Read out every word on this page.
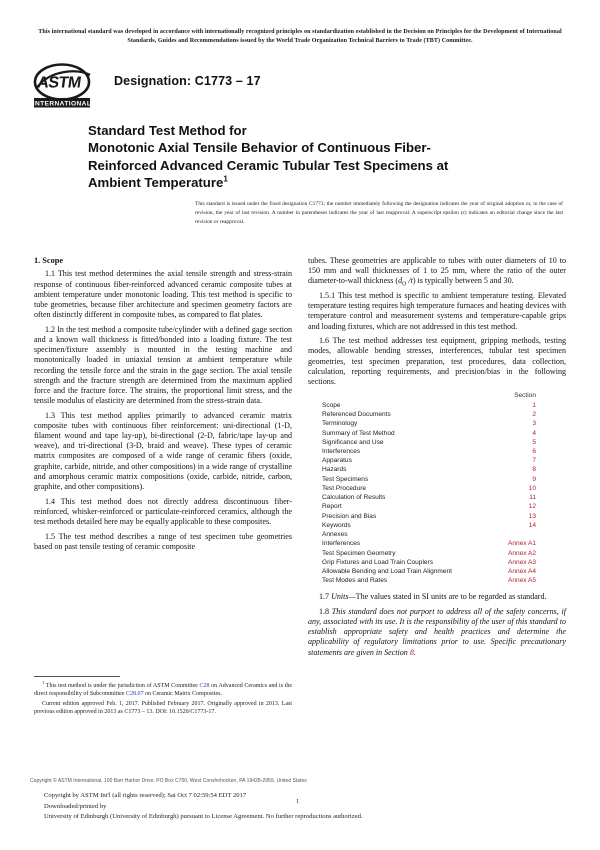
This international standard was developed in accordance with internationally recognized principles on standardization established in the Decision on Principles for the Development of International Standards, Guides and Recommendations issued by the World Trade Organization Technical Barriers to Trade (TBT) Committee.
ASTM
INTERNATIONAL
Designation: C1773 – 17
Standard Test Method for
Monotonic Axial Tensile Behavior of Continuous Fiber-
Reinforced Advanced Ceramic Tubular Test Specimens at
Ambient Temperature$^1$
This standard is issued under the fixed designation C1773; the number immediately following the designation indicates the year of original adoption or, in the case of revision, the year of last revision. A number in parentheses indicates the year of last reapproval. A superscript epsilon (ε) indicates an editorial change since the last revision or reapproval.
1. Scope

1.1 This test method determines the axial tensile strength and stress-strain response of continuous fiber-reinforced advanced ceramic composite tubes at ambient temperature under monotonic loading. This test method is specific to tube geometries, because fiber architecture and specimen geometry factors are often distinctly different in composite tubes, as compared to flat plates.

1.2 In the test method a composite tube/cylinder with a defined gage section and a known wall thickness is fitted/bonded into a loading fixture. The test specimen/fixture assembly is mounted in the testing machine and monotonically loaded in uniaxial tension at ambient temperature while recording the tensile force and the strain in the gage section. The axial tensile strength and the fracture strength are determined from the maximum applied force and the fracture force. The strains, the proportional limit stress, and the tensile modulus of elasticity are determined from the stress-strain data.

1.3 This test method applies primarily to advanced ceramic matrix composite tubes with continuous fiber reinforcement: uni-directional (1-D, filament wound and tape lay-up), bi-directional (2-D, fabric/tape lay-up and weave), and tri-directional (3-D, braid and weave). These types of ceramic matrix composites are composed of a wide range of ceramic fibers (oxide, graphite, carbide, nitride, and other compositions) in a wide range of crystalline and amorphous ceramic matrix compositions (oxide, carbide, nitride, carbon, graphite, and other compositions).

1.4 This test method does not directly address discontinuous fiber-reinforced, whisker-reinforced or particulate-reinforced ceramics, although the test methods detailed here may be equally applicable to these composites.

1.5 The test method describes a range of test specimen tube geometries based on past tensile testing of ceramic composite

tubes. These geometries are applicable to tubes with outer diameters of 10 to 150 mm and wall thicknesses of 1 to 25 mm, where the ratio of the outer diameter-to-wall thickness ($d_O$ /t) is typically between 5 and 30.

1.5.1 This test method is specific to ambient temperature testing. Elevated temperature testing requires high temperature furnaces and heating devices with temperature control and measurement systems and temperature-capable grips and loading fixtures, which are not addressed in this test method.

1.6 The test method addresses test equipment, gripping methods, testing modes, allowable bending stresses, interferences, tubular test specimen geometries, test specimen preparation, test procedures, data collection, calculation, reporting requirements, and precision/bias in the following sections.

	Section
Scope	1
Referenced Documents	2
Terminology	3
Summary of Test Method	4
Significance and Use	5
Interferences	6
Apparatus	7
Hazards	8
Test Specimens	9
Test Procedure	10
Calculation of Results	11
Report	12
Precision and Bias	13
Keywords	14
Annexes	
Interferences	Annex A1
Test Specimen Geometry	Annex A2
Grip Fixtures and Load Train Couplers	Annex A3
Allowable Bending and Load Train Alignment	Annex A4
Test Modes and Rates	Annex A5

1.7 Units—The values stated in SI units are to be regarded as standard.

1.8 This standard does not purport to address all of the safety concerns, if any, associated with its use. It is the responsibility of the user of this standard to establish appropriate safety and health practices and determine the applicability of regulatory limitations prior to use. Specific precautionary statements are given in Section 8.

$^1$ This test method is under the jurisdiction of ASTM Committee C28 on Advanced Ceramics and is the direct responsibility of Subcommittee C28.07 on Ceramic Matrix Composites.

Current edition approved Feb. 1, 2017. Published February 2017. Originally approved in 2013. Last previous edition approved in 2013 as C1773 – 13. DOI: 10.1520/C1773-17.

Copyright © ASTM International, 100 Barr Harbor Drive, PO Box C700, West Conshohocken, PA 19428-2959, United States
Copyright by ASTM Int'l (all rights reserved); Sat Oct 7 02:59:54 EDT 2017
Downloaded/printed by
University of Edinburgh (University of Edinburgh) pursuant to License Agreement. No further reproductions authorized.
1
